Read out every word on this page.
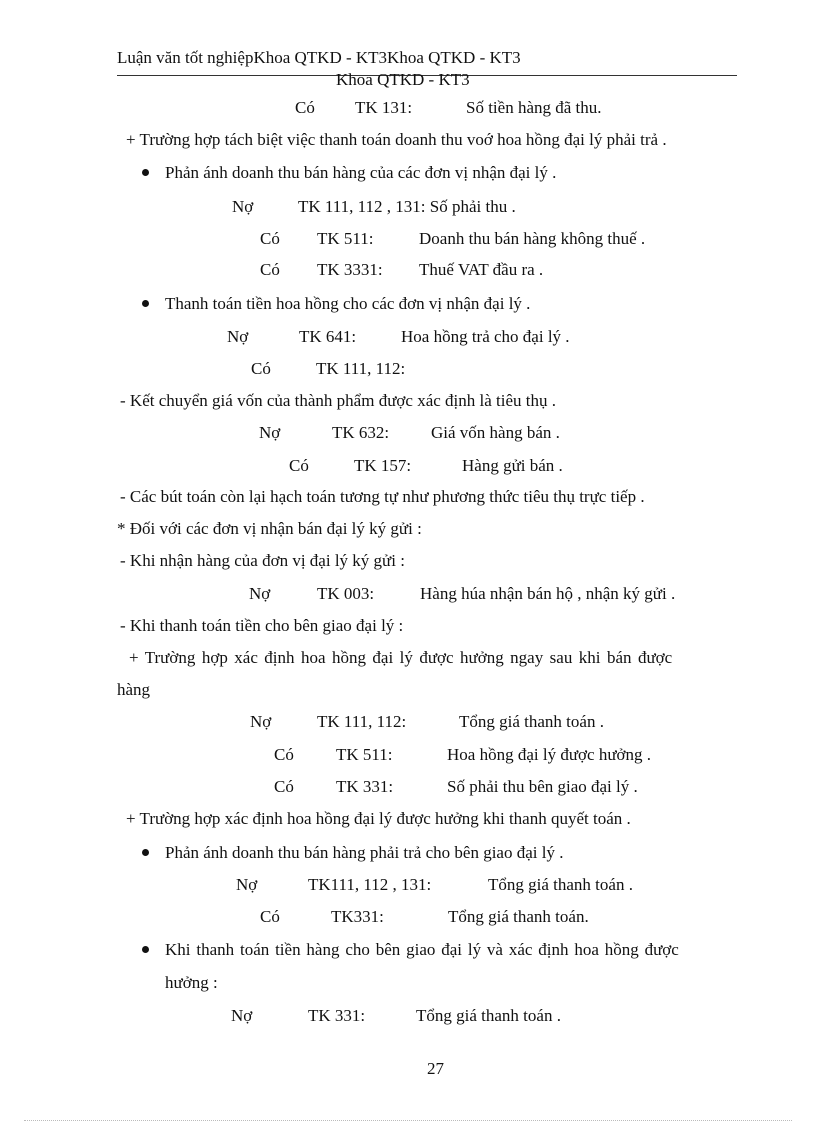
Luận văn tốt nghiệpKhoa QTKD - KT3Khoa QTKD - KT3
Khoa QTKD - KT3
Có TK 131:	Số tiền hàng đã thu.
+ Trường hợp tách biệt việc thanh toán doanh thu voớ hoa hồng đại lý phải trả .
Phản ánh doanh thu bán hàng của các đơn vị nhận đại lý .
Nợ	TK 111, 112 , 131: Số phải thu .
Có TK 511:	Doanh thu bán hàng không thuế .
Có TK 3331: Thuế VAT đầu ra .
Thanh toán tiền hoa hồng cho các đơn vị nhận đại lý .
Nợ	TK 641:	Hoa hồng trả cho đại lý .
Có	TK 111, 112:
- Kết chuyển giá vốn của thành phẩm được xác định là tiêu thụ .
Nợ	TK 632: Giá vốn hàng bán .
Có	TK 157:	Hàng gửi bán .
- Các bút toán còn lại hạch toán tương tự như phương thức tiêu thụ trực tiếp .
* Đối với các đơn vị nhận bán đại lý ký gửi :
- Khi nhận hàng của đơn vị đại lý ký gửi :
Nợ	TK 003:	Hàng húa nhận bán hộ , nhận ký gửi .
- Khi thanh toán tiền cho bên giao đại lý :
+ Trường hợp xác định hoa hồng đại lý được hưởng ngay sau khi bán được
hàng
Nợ	TK 111, 112:	Tổng giá thanh toán .
Có TK 511:	Hoa hồng đại lý được hưởng .
Có TK 331:	Số phải thu bên giao đại lý .
+ Trường hợp xác định hoa hồng đại lý được hưởng khi thanh quyết toán .
Phản ánh doanh thu bán hàng phải trả cho bên giao đại lý .
Nợ	TK111, 112 , 131:	Tổng giá thanh toán .
Có	TK331:	Tổng giá thanh toán.
Khi thanh toán tiền hàng cho bên giao đại lý và xác định hoa hồng được
hưởng :
Nợ	TK 331:	Tổng giá thanh toán .
27
